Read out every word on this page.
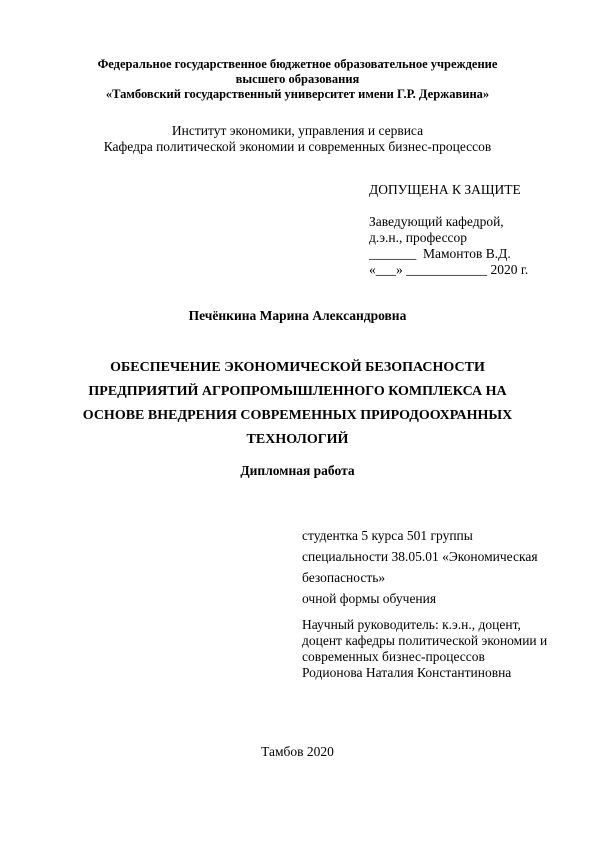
Федеральное государственное бюджетное образовательное учреждение
высшего образования
«Тамбовский государственный университет имени Г.Р. Державина»
Институт экономики, управления и сервиса
Кафедра политической экономии и современных бизнес-процессов
ДОПУЩЕНА К ЗАЩИТЕ
Заведующий кафедрой,
д.э.н., профессор
_______  Мамонтов В.Д.
«___» ____________ 2020 г.
Печёнкина Марина Александровна
ОБЕСПЕЧЕНИЕ ЭКОНОМИЧЕСКОЙ БЕЗОПАСНОСТИ
ПРЕДПРИЯТИЙ АГРОПРОМЫШЛЕННОГО КОМПЛЕКСА НА
ОСНОВЕ ВНЕДРЕНИЯ СОВРЕМЕННЫХ ПРИРОДООХРАННЫХ
ТЕХНОЛОГИЙ
Дипломная работа
студентка 5 курса 501 группы
специальности 38.05.01 «Экономическая
безопасность»
очной формы обучения
Научный руководитель: к.э.н., доцент,
доцент кафедры политической экономии и
современных бизнес-процессов
Родионова Наталия Константиновна
Тамбов 2020
